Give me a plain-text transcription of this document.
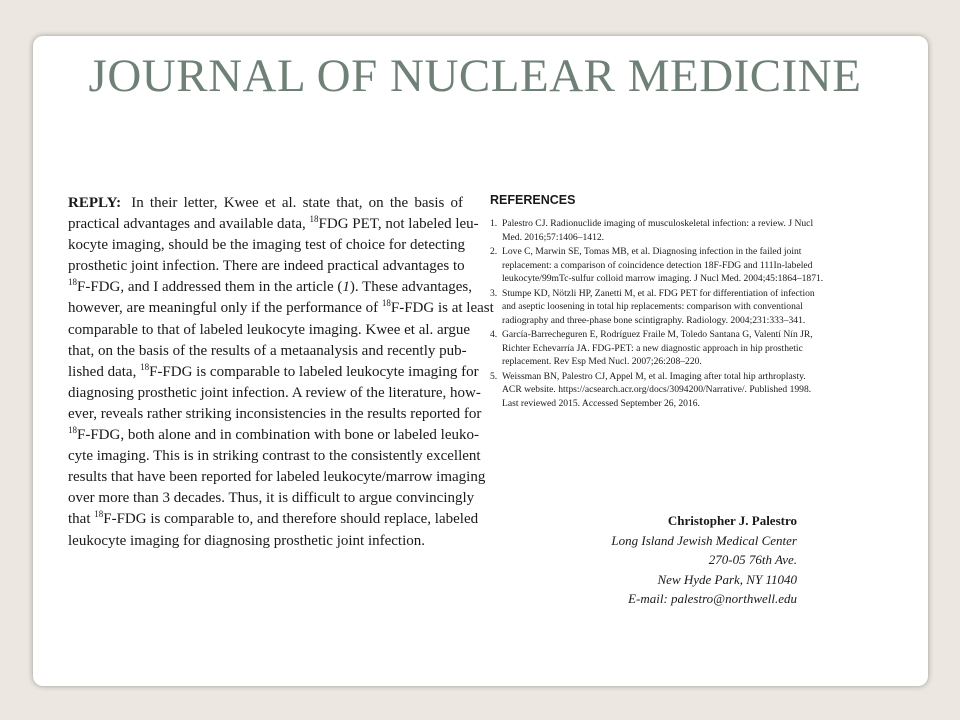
JOURNAL OF NUCLEAR MEDICINE
REPLY: In their letter, Kwee et al. state that, on the basis of
practical advantages and available data, $^{18}$FDG PET, not labeled leu-
kocyte imaging, should be the imaging test of choice for detecting
prosthetic joint infection. There are indeed practical advantages to
$^{18}$F-FDG, and I addressed them in the article (1). These advantages,
however, are meaningful only if the performance of $^{18}$F-FDG is at least
comparable to that of labeled leukocyte imaging. Kwee et al. argue
that, on the basis of the results of a metaanalysis and recently pub-
lished data, $^{18}$F-FDG is comparable to labeled leukocyte imaging for
diagnosing prosthetic joint infection. A review of the literature, how-
ever, reveals rather striking inconsistencies in the results reported for
$^{18}$F-FDG, both alone and in combination with bone or labeled leuko-
cyte imaging. This is in striking contrast to the consistently excellent
results that have been reported for labeled leukocyte/marrow imaging
over more than 3 decades. Thus, it is difficult to argue convincingly
that $^{18}$F-FDG is comparable to, and therefore should replace, labeled
leukocyte imaging for diagnosing prosthetic joint infection.
REFERENCES
1. Palestro CJ. Radionuclide imaging of musculoskeletal infection: a review. J Nucl
Med. 2016;57:1406–1412.
2. Love C, Marwin SE, Tomas MB, et al. Diagnosing infection in the failed joint
replacement: a comparison of coincidence detection 18F-FDG and 111In-labeled
leukocyte/99mTc-sulfur colloid marrow imaging. J Nucl Med. 2004;45:1864–1871.
3. Stumpe KD, Nötzli HP, Zanetti M, et al. FDG PET for differentiation of infection
and aseptic loosening in total hip replacements: comparison with conventional
radiography and three-phase bone scintigraphy. Radiology. 2004;231:333–341.
4. García-Barrecheguren E, Rodríguez Fraile M, Toledo Santana G, Valentí Nín JR,
Richter Echevarría JA. FDG-PET: a new diagnostic approach in hip prosthetic
replacement. Rev Esp Med Nucl. 2007;26:208–220.
5. Weissman BN, Palestro CJ, Appel M, et al. Imaging after total hip arthroplasty.
ACR website. https://acsearch.acr.org/docs/3094200/Narrative/. Published 1998.
Last reviewed 2015. Accessed September 26, 2016.
Christopher J. Palestro
Long Island Jewish Medical Center
270-05 76th Ave.
New Hyde Park, NY 11040
E-mail: palestro@northwell.edu
